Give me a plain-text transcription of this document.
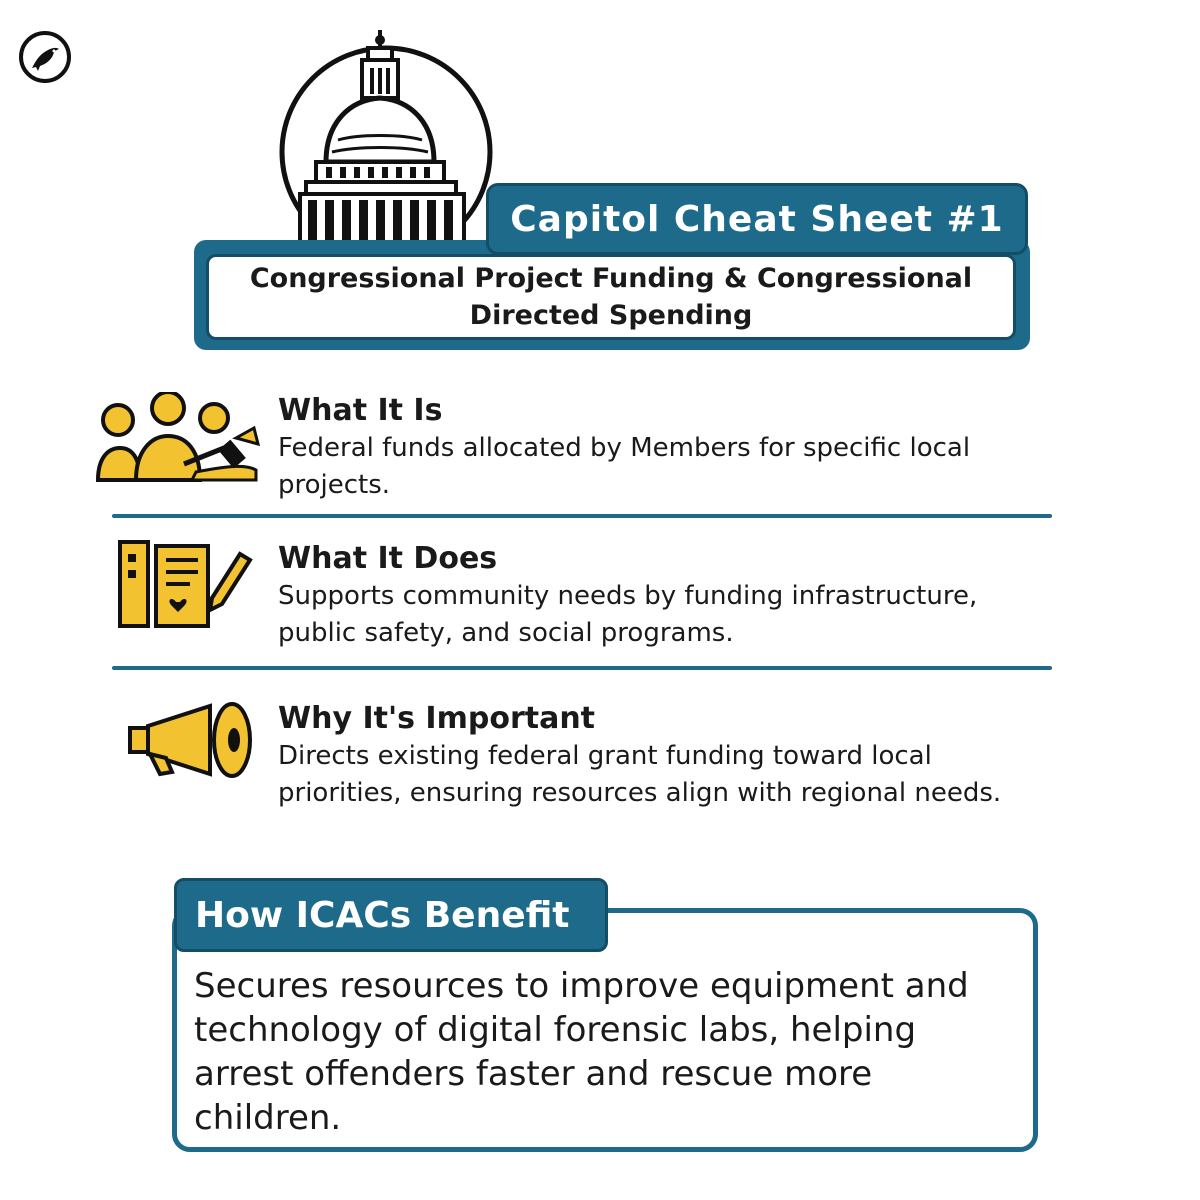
Capitol Cheat Sheet #1
Congressional Project Funding & Congressional Directed Spending

What It Is

Federal funds allocated by Members for specific local projects.

What It Does

Supports community needs by funding infrastructure, public safety, and social programs.

Why It's Important

Directs existing federal grant funding toward local priorities, ensuring resources align with regional needs.

How ICACs Benefit

Secures resources to improve equipment and technology of digital forensic labs, helping arrest offenders faster and rescue more children.
